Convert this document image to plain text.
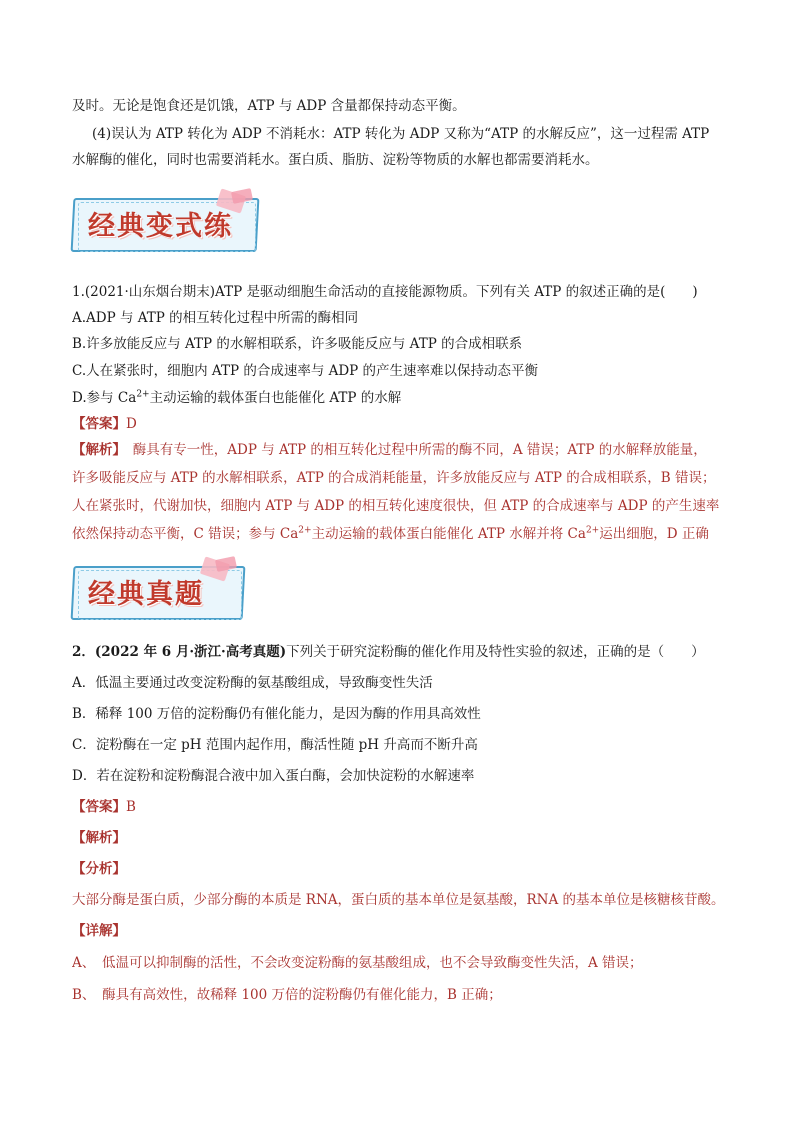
及时。无论是饱食还是饥饿，ATP 与 ADP 含量都保持动态平衡。
(4)误认为 ATP 转化为 ADP 不消耗水：ATP 转化为 ADP 又称为“ATP 的水解反应”，这一过程需 ATP
水解酶的催化，同时也需要消耗水。蛋白质、脂肪、淀粉等物质的水解也都需要消耗水。
经典变式练
1.(2021·山东烟台期末)ATP 是驱动细胞生命活动的直接能源物质。下列有关 ATP 的叙述正确的是(　　)
A.ADP 与 ATP 的相互转化过程中所需的酶相同
B.许多放能反应与 ATP 的水解相联系，许多吸能反应与 ATP 的合成相联系
C.人在紧张时，细胞内 ATP 的合成速率与 ADP 的产生速率难以保持动态平衡
D.参与 $Ca^{2+}$主动运输的载体蛋白也能催化 ATP 的水解
【答案】D
【解析】　酶具有专一性，ADP 与 ATP 的相互转化过程中所需的酶不同，A 错误；ATP 的水解释放能量，
许多吸能反应与 ATP 的水解相联系，ATP 的合成消耗能量，许多放能反应与 ATP 的合成相联系，B 错误；
人在紧张时，代谢加快，细胞内 ATP 与 ADP 的相互转化速度很快，但 ATP 的合成速率与 ADP 的产生速率
依然保持动态平衡，C 错误；参与 $Ca^{2+}$主动运输的载体蛋白能催化 ATP 水解并将 $Ca^{2+}$运出细胞，D 正确
经典真题
2．(2022 年 6 月·浙江·高考真题)下列关于研究淀粉酶的催化作用及特性实验的叙述，正确的是（　　）
A．低温主要通过改变淀粉酶的氨基酸组成，导致酶变性失活
B．稀释 100 万倍的淀粉酶仍有催化能力，是因为酶的作用具高效性
C．淀粉酶在一定 pH 范围内起作用，酶活性随 pH 升高而不断升高
D．若在淀粉和淀粉酶混合液中加入蛋白酶，会加快淀粉的水解速率
【答案】B
【解析】
【分析】
大部分酶是蛋白质，少部分酶的本质是 RNA，蛋白质的基本单位是氨基酸，RNA 的基本单位是核糖核苷酸。
【详解】
A、　低温可以抑制酶的活性，不会改变淀粉酶的氨基酸组成，也不会导致酶变性失活，A 错误；
B、　酶具有高效性，故稀释 100 万倍的淀粉酶仍有催化能力，B 正确；
